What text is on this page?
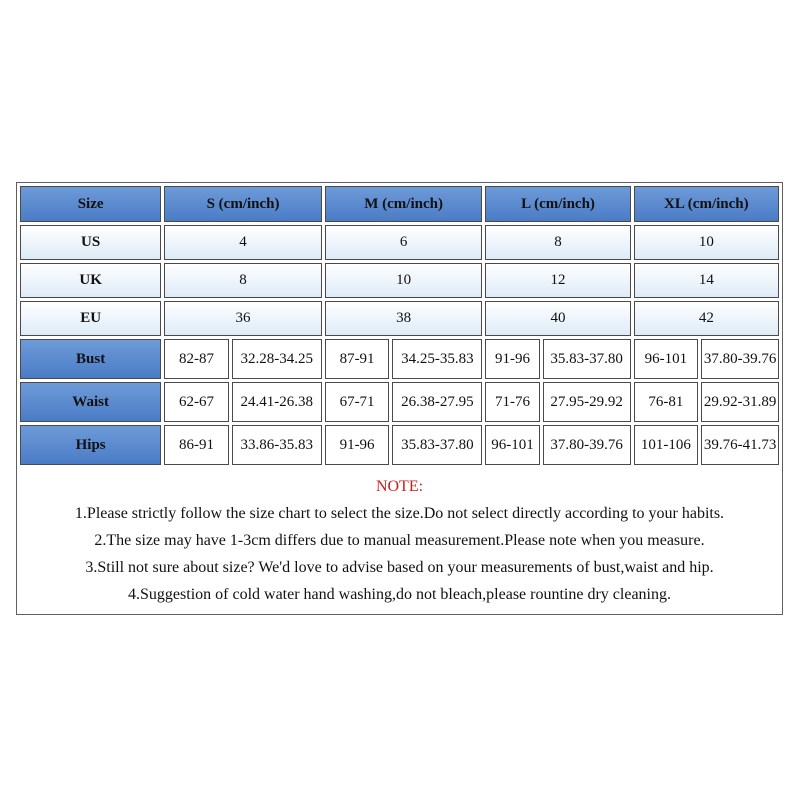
Size	S (cm/inch)		M (cm/inch)		L (cm/inch)		XL (cm/inch)	
US	4		6		8		10	
UK	8		10		12		14	
EU	36		38		40		42	
Bust	82-87	32.28-34.25	87-91	34.25-35.83	91-96	35.83-37.80	96-101	37.80-39.76
Waist	62-67	24.41-26.38	67-71	26.38-27.95	71-76	27.95-29.92	76-81	29.92-31.89
Hips	86-91	33.86-35.83	91-96	35.83-37.80	96-101	37.80-39.76	101-106	39.76-41.73
NOTE:
1.Please strictly follow the size chart to select the size.Do not select directly according to your habits.
2.The size may have 1-3cm differs due to manual measurement.Please note when you measure.
3.Still not sure about size? We'd love to advise based on your measurements of bust,waist and hip.
4.Suggestion of cold water hand washing,do not bleach,please rountine dry cleaning.
